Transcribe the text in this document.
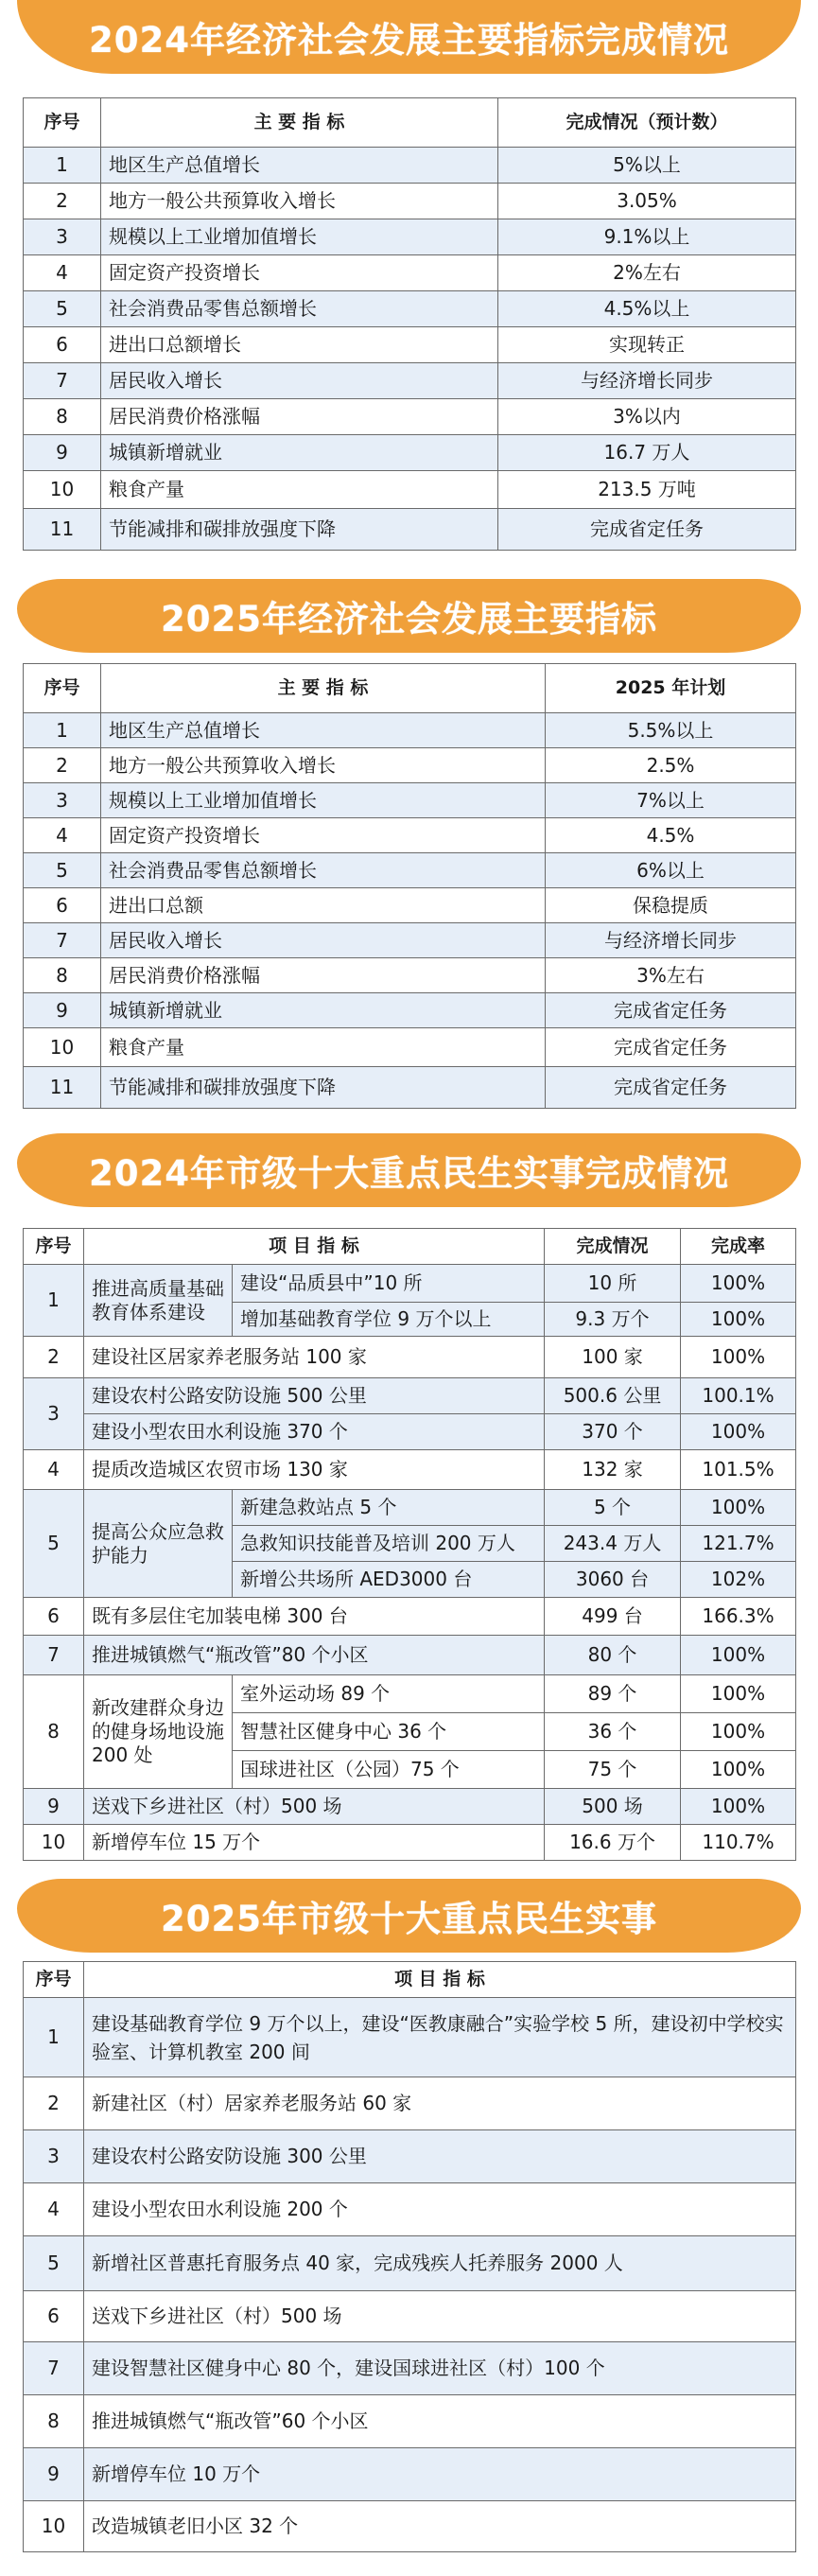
2024年经济社会发展主要指标完成情况
序号	主 要 指 标	完成情况（预计数）
1	地区生产总值增长	5%以上
2	地方一般公共预算收入增长	3.05%
3	规模以上工业增加值增长	9.1%以上
4	固定资产投资增长	2%左右
5	社会消费品零售总额增长	4.5%以上
6	进出口总额增长	实现转正
7	居民收入增长	与经济增长同步
8	居民消费价格涨幅	3%以内
9	城镇新增就业	16.7 万人
10	粮食产量	213.5 万吨
11	节能减排和碳排放强度下降	完成省定任务
2025年经济社会发展主要指标
序号	主 要 指 标	2025 年计划
1	地区生产总值增长	5.5%以上
2	地方一般公共预算收入增长	2.5%
3	规模以上工业增加值增长	7%以上
4	固定资产投资增长	4.5%
5	社会消费品零售总额增长	6%以上
6	进出口总额	保稳提质
7	居民收入增长	与经济增长同步
8	居民消费价格涨幅	3%左右
9	城镇新增就业	完成省定任务
10	粮食产量	完成省定任务
11	节能减排和碳排放强度下降	完成省定任务
2024年市级十大重点民生实事完成情况
序号	项 目 指 标		完成情况	完成率
1	推进高质量基础教育体系建设	建设“品质县中”10 所	10 所	100%
		增加基础教育学位 9 万个以上	9.3 万个	100%
2	建设社区居家养老服务站 100 家		100 家	100%
3	建设农村公路安防设施 500 公里		500.6 公里	100.1%
	建设小型农田水利设施 370 个		370 个	100%
4	提质改造城区农贸市场 130 家		132 家	101.5%
5	提高公众应急救护能力	新建急救站点 5 个	5 个	100%
		急救知识技能普及培训 200 万人	243.4 万人	121.7%
		新增公共场所 AED3000 台	3060 台	102%
6	既有多层住宅加装电梯 300 台		499 台	166.3%
7	推进城镇燃气“瓶改管”80 个小区		80 个	100%
8	新改建群众身边的健身场地设施 200 处	室外运动场 89 个	89 个	100%
		智慧社区健身中心 36 个	36 个	100%
		国球进社区（公园）75 个	75 个	100%
9	送戏下乡进社区（村）500 场		500 场	100%
10	新增停车位 15 万个		16.6 万个	110.7%
2025年市级十大重点民生实事
序号	项 目 指 标
1	建设基础教育学位 9 万个以上，建设“医教康融合”实验学校 5 所，建设初中学校实验室、计算机教室 200 间
2	新建社区（村）居家养老服务站 60 家
3	建设农村公路安防设施 300 公里
4	建设小型农田水利设施 200 个
5	新增社区普惠托育服务点 40 家，完成残疾人托养服务 2000 人
6	送戏下乡进社区（村）500 场
7	建设智慧社区健身中心 80 个，建设国球进社区（村）100 个
8	推进城镇燃气“瓶改管”60 个小区
9	新增停车位 10 万个
10	改造城镇老旧小区 32 个
